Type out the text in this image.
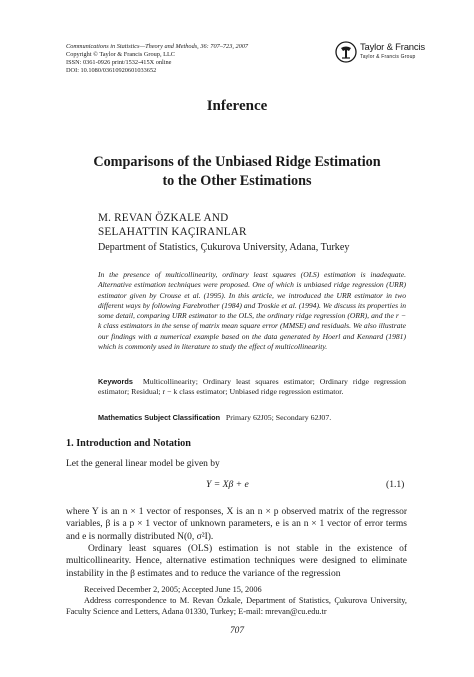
Communications in Statistics—Theory and Methods, 36: 707–723, 2007
Copyright © Taylor & Francis Group, LLC
ISSN: 0361-0926 print/1532-415X online
DOI: 10.1080/03610920601033652
Taylor & Francis
Taylor & Francis Group
Inference
Comparisons of the Unbiased Ridge Estimation
to the Other Estimations
M. REVAN ÖZKALE AND
SELAHATTIN KAÇIRANLAR
Department of Statistics, Çukurova University, Adana, Turkey
In the presence of multicollinearity, ordinary least squares (OLS) estimation is inadequate. Alternative estimation techniques were proposed. One of which is unbiased ridge regression (URR) estimator given by Crouse et al. (1995). In this article, we introduced the URR estimator in two different ways by following Farebrother (1984) and Troskie et al. (1994). We discuss its properties in some detail, comparing URR estimator to the OLS, the ordinary ridge regression (ORR), and the r − k class estimators in the sense of matrix mean square error (MMSE) and residuals. We also illustrate our findings with a numerical example based on the data generated by Hoerl and Kennard (1981) which is commonly used in literature to study the effect of multicollinearity.
Keywords Multicollinearity; Ordinary least squares estimator; Ordinary ridge regression estimator; Residual; r − k class estimator; Unbiased ridge regression estimator.
Mathematics Subject Classification Primary 62J05; Secondary 62J07.
1. Introduction and Notation
Let the general linear model be given by
Y = Xβ + e	(1.1)
where Y is an n × 1 vector of responses, X is an n × p observed matrix of the regressor variables, β is a p × 1 vector of unknown parameters, e is an n × 1 vector of error terms and e is normally distributed N(0, σ²I).
Ordinary least squares (OLS) estimation is not stable in the existence of multicollinearity. Hence, alternative estimation techniques were designed to eliminate instability in the β estimates and to reduce the variance of the regression
Received December 2, 2005; Accepted June 15, 2006
Address correspondence to M. Revan Özkale, Department of Statistics, Çukurova University, Faculty Science and Letters, Adana 01330, Turkey; E-mail: mrevan@cu.edu.tr
707
